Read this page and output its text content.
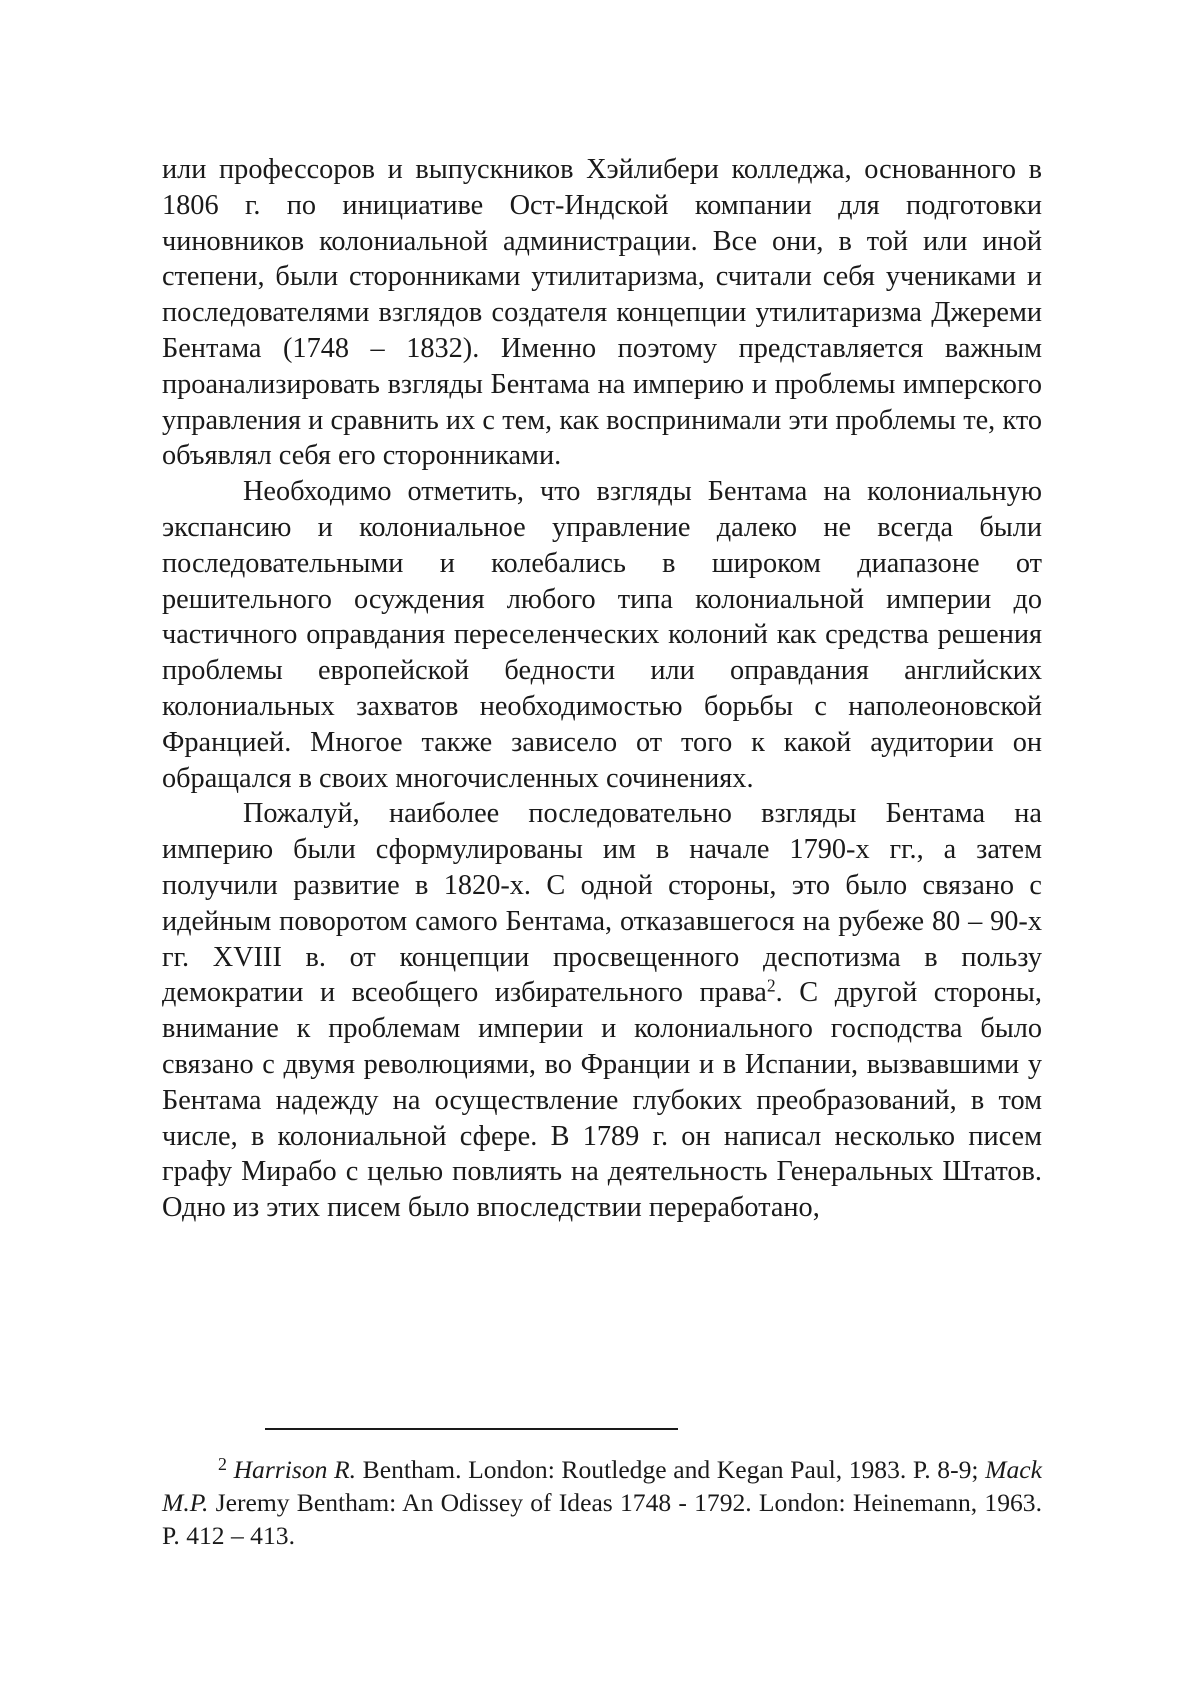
или профессоров и выпускников Хэйлибери колледжа, основанного в 1806 г. по инициативе Ост-Индской компании для подготовки чиновников колониальной администрации. Все они, в той или иной степени, были сторонниками утилитаризма, считали себя учениками и последователями взглядов создателя концепции утилитаризма Джереми Бентама (1748 – 1832). Именно поэтому представляется важным проанализировать взгляды Бентама на империю и проблемы имперского управления и сравнить их с тем, как воспринимали эти проблемы те, кто объявлял себя его сторонниками.

Необходимо отметить, что взгляды Бентама на колониальную экспансию и колониальное управление далеко не всегда были последовательными и колебались в широком диапазоне от решительного осуждения любого типа колониальной империи до частичного оправдания переселенческих колоний как средства решения проблемы европейской бедности или оправдания английских колониальных захватов необходимостью борьбы с наполеоновской Францией. Многое также зависело от того к какой аудитории он обращался в своих многочисленных сочинениях.

Пожалуй, наиболее последовательно взгляды Бентама на империю были сформулированы им в начале 1790-х гг., а затем получили развитие в 1820-х. С одной стороны, это было связано с идейным поворотом самого Бентама, отказавшегося на рубеже 80 – 90-х гг. XVIII в. от концепции просвещенного деспотизма в пользу демократии и всеобщего избирательного права$^2$. С другой стороны, внимание к проблемам империи и колониального господства было связано с двумя революциями, во Франции и в Испании, вызвавшими у Бентама надежду на осуществление глубоких преобразований, в том числе, в колониальной сфере. В 1789 г. он написал несколько писем графу Мирабо с целью повлиять на деятельность Генеральных Штатов. Одно из этих писем было впоследствии переработано,

$^2$ Harrison R. Bentham. London: Routledge and Kegan Paul, 1983. P. 8-9; Mack M.P. Jeremy Bentham: An Odissey of Ideas 1748 - 1792. London: Heinemann, 1963. P. 412 – 413.
